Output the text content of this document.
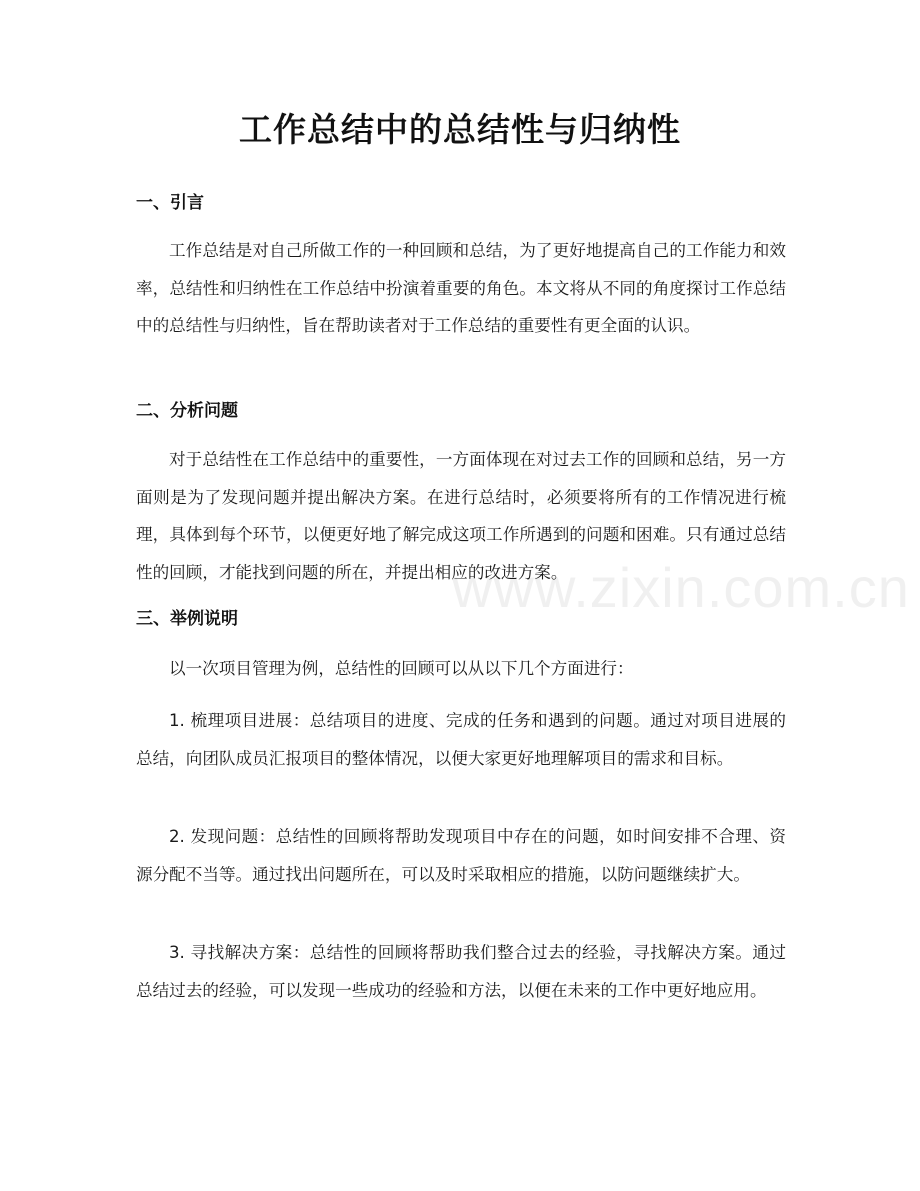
www.zixin.com.cn
工作总结中的总结性与归纳性
一、引言

工作总结是对自己所做工作的一种回顾和总结，为了更好地提高自己的工作能力和效率，总结性和归纳性在工作总结中扮演着重要的角色。本文将从不同的角度探讨工作总结中的总结性与归纳性，旨在帮助读者对于工作总结的重要性有更全面的认识。

二、分析问题

对于总结性在工作总结中的重要性，一方面体现在对过去工作的回顾和总结，另一方面则是为了发现问题并提出解决方案。在进行总结时，必须要将所有的工作情况进行梳理，具体到每个环节，以便更好地了解完成这项工作所遇到的问题和困难。只有通过总结性的回顾，才能找到问题的所在，并提出相应的改进方案。

三、举例说明

以一次项目管理为例，总结性的回顾可以从以下几个方面进行：

1. 梳理项目进展：总结项目的进度、完成的任务和遇到的问题。通过对项目进展的总结，向团队成员汇报项目的整体情况，以便大家更好地理解项目的需求和目标。

2. 发现问题：总结性的回顾将帮助发现项目中存在的问题，如时间安排不合理、资源分配不当等。通过找出问题所在，可以及时采取相应的措施，以防问题继续扩大。

3. 寻找解决方案：总结性的回顾将帮助我们整合过去的经验，寻找解决方案。通过总结过去的经验，可以发现一些成功的经验和方法，以便在未来的工作中更好地应用。
